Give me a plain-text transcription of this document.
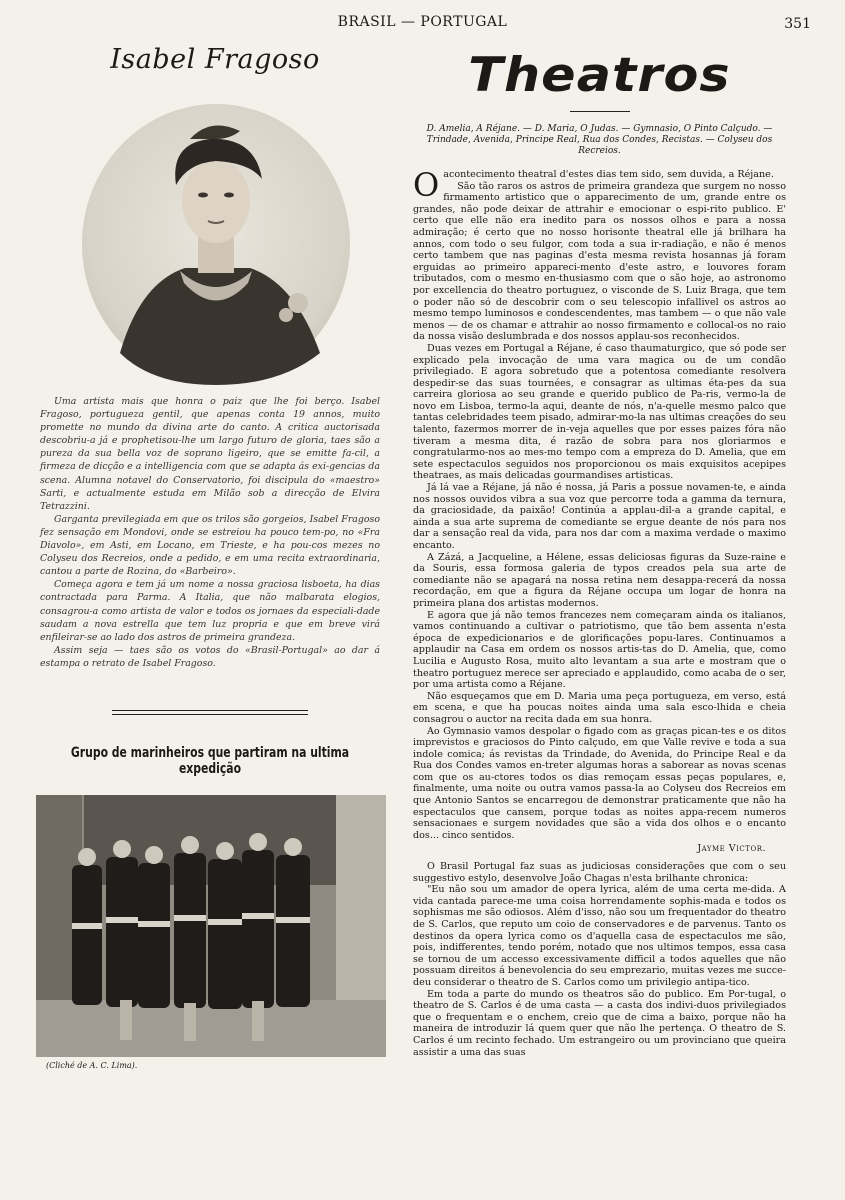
BRASIL — PORTUGAL	351
Isabel Fragoso

Uma artista mais que honra o paiz que lhe foi berço. Isabel Fragoso, portugueza gentil, que apenas conta 19 annos, muito promette no mundo da divina arte do canto. A critica auctorisada descobriu-a já e prophetisou-lhe um largo futuro de gloria, taes são a pureza da sua bella voz de soprano ligeiro, que se emitte fa-cil, a firmeza de dicção e a intelligencia com que se adapta ás exi-gencias da scena. Alumna notavel do Conservatorio, foi discipula do «maestro» Sarti, e actualmente estuda em Milão sob a direcção de Elvira Tetrazzini.

Garganta previlegiada em que os trilos são gorgeios, Isabel Fragoso fez sensação em Mondovi, onde se estreiou ha pouco tem-po, no «Fra Diavolo», em Asti, em Locano, em Trieste, e ha pou-cos mezes no Colyseu dos Recreios, onde a pedido, e em uma recita extraordinaria, cantou a parte de Rozina, do «Barbeiro».

Começa agora e tem já um nome a nossa graciosa lisboeta, ha dias contractada para Parma. A Italia, que não malbarata elogios, consagrou-a como artista de valor e todos os jornaes da especiali-dade saudam a nova estrella que tem luz propria e que em breve virá enfileirar-se ao lado dos astros de primeira grandeza.

Assim seja — taes são os votos do «Brasil-Portugal» ao dar á estampa o retrato de Isabel Fragoso.

Grupo de marinheiros que partiram na ultima expedição
(Cliché de A. C. Lima).
Theatros
D. Amelia, A Réjane. — D. Maria, O Judas. — Gymnasio, O Pinto Calçudo. — Trindade, Avenida, Principe Real, Rua dos Condes, Recistas. — Colyseu dos Recreios.

Oacontecimento theatral d'estes dias tem sido, sem duvida, a Réjane.

São tão raros os astros de primeira grandeza que surgem no nosso firmamento artistico que o apparecimento de um, grande entre os grandes, não pode deixar de attrahir e emocionar o espi-rito publico. E' certo que elle não era inedito para os nossos olhos e para a nossa admiração; é certo que no nosso horisonte theatral elle já brilhara ha annos, com todo o seu fulgor, com toda a sua ir-radiação, e não é menos certo tambem que nas paginas d'esta mesma revista hosannas já foram erguidas ao primeiro appareci-mento d'este astro, e louvores foram tributados, com o mesmo en-thusiasmo com que o são hoje, ao astronomo por excellencia do theatro portuguez, o visconde de S. Luiz Braga, que tem o poder não só de descobrir com o seu telescopio infallivel os astros ao mesmo tempo luminosos e condescendentes, mas tambem — o que não vale menos — de os chamar e attrahir ao nosso firmamento e collocal-os no raio da nossa visão deslumbrada e dos nossos applau-sos reconhecidos.

Duas vezes em Portugal a Réjane, é caso thaumaturgico, que só pode ser explicado pela invocação de uma vara magica ou de um condão privilegiado. E agora sobretudo que a potentosa comediante resolvera despedir-se das suas tournées, e consagrar as ultimas éta-pes da sua carreira gloriosa ao seu grande e querido publico de Pa-ris, vermo-la de novo em Lisboa, termo-la aqui, deante de nós, n'a-quelle mesmo palco que tantas celebridades teem pisado, admirar-mo-la nas ultimas creações do seu talento, fazermos morrer de in-veja aquelles que por esses paizes fóra não tiveram a mesma dita, é razão de sobra para nos gloriarmos e congratularmo-nos ao mes-mo tempo com a empreza do D. Amelia, que em sete espectaculos seguidos nos proporcionou os mais exquisitos acepipes theatraes, as mais delicadas gourmandises artisticas.

Já lá vae a Réjane, já não é nossa, já Paris a possue novamen-te, e ainda nos nossos ouvidos vibra a sua voz que percorre toda a gamma da ternura, da graciosidade, da paixão! Continúa a applau-dil-a a grande capital, e ainda a sua arte suprema de comediante se ergue deante de nós para nos dar a sensação real da vida, para nos dar com a maxima verdade o maximo encanto.

A Zázá, a Jacqueline, a Hélene, essas deliciosas figuras da Suze-raine e da Souris, essa formosa galeria de typos creados pela sua arte de comediante não se apagará na nossa retina nem desappa-recerá da nossa recordação, em que a figura da Réjane occupa um logar de honra na primeira plana dos artistas modernos.

E agora que já não temos francezes nem começaram ainda os italianos, vamos continuando a cultivar o patriotismo, que tão bem assenta n'esta época de expedicionarios e de glorificações popu-lares. Continuamos a applaudir na Casa em ordem os nossos artis-tas do D. Amelia, que, como Lucilia e Augusto Rosa, muito alto levantam a sua arte e mostram que o theatro portuguez merece ser apreciado e applaudido, como acaba de o ser, por uma artista como a Réjane.

Não esqueçamos que em D. Maria uma peça portugueza, em verso, está em scena, e que ha poucas noites ainda uma sala esco-lhida e cheia consagrou o auctor na recita dada em sua honra.

Ao Gymnasio vamos despolar o figado com as graças pican-tes e os ditos imprevistos e graciosos do Pinto calçudo, em que Valle revive e toda a sua indole comica; ás revistas da Trindade, do Avenida, do Principe Real e da Rua dos Condes vamos en-treter algumas horas a saborear as novas scenas com que os au-ctores todos os dias remoçam essas peças populares, e, finalmente, uma noite ou outra vamos passa-la ao Colyseu dos Recreios em que Antonio Santos se encarregou de demonstrar praticamente que não ha espectaculos que cansem, porque todas as noites appa-recem numeros sensacionaes e surgem novidades que são a vida dos olhos e o encanto dos... cinco sentidos.

Jayme Victor.

O Brasil Portugal faz suas as judiciosas considerações que com o seu suggestivo estylo, desenvolve João Chagas n'esta brilhante chronica:

"Eu não sou um amador de opera lyrica, além de uma certa me-dida. A vida cantada parece-me uma coisa horrendamente sophis-mada e todos os sophismas me são odiosos. Além d'isso, não sou um frequentador do theatro de S. Carlos, que reputo um coio de conservadores e de parvenus. Tanto os destinos da opera lyrica como os d'aquella casa de espectaculos me são, pois, indifferentes, tendo porém, notado que nos ultimos tempos, essa casa se tornou de um accesso excessivamente difficil a todos aquelles que não possuam direitos á benevolencia do seu emprezario, muitas vezes me succe-deu considerar o theatro de S. Carlos como um privilegio antipa-tico.

Em toda a parte do mundo os theatros são do publico. Em Por-tugal, o theatro de S. Carlos é de uma casta — a casta dos indivi-duos privilegiados que o frequentam e o enchem, creio que de cima a baixo, porque não ha maneira de introduzir lá quem quer que não lhe pertença. O theatro de S. Carlos é um recinto fechado. Um estrangeiro ou um provinciano que queira assistir a uma das suas
